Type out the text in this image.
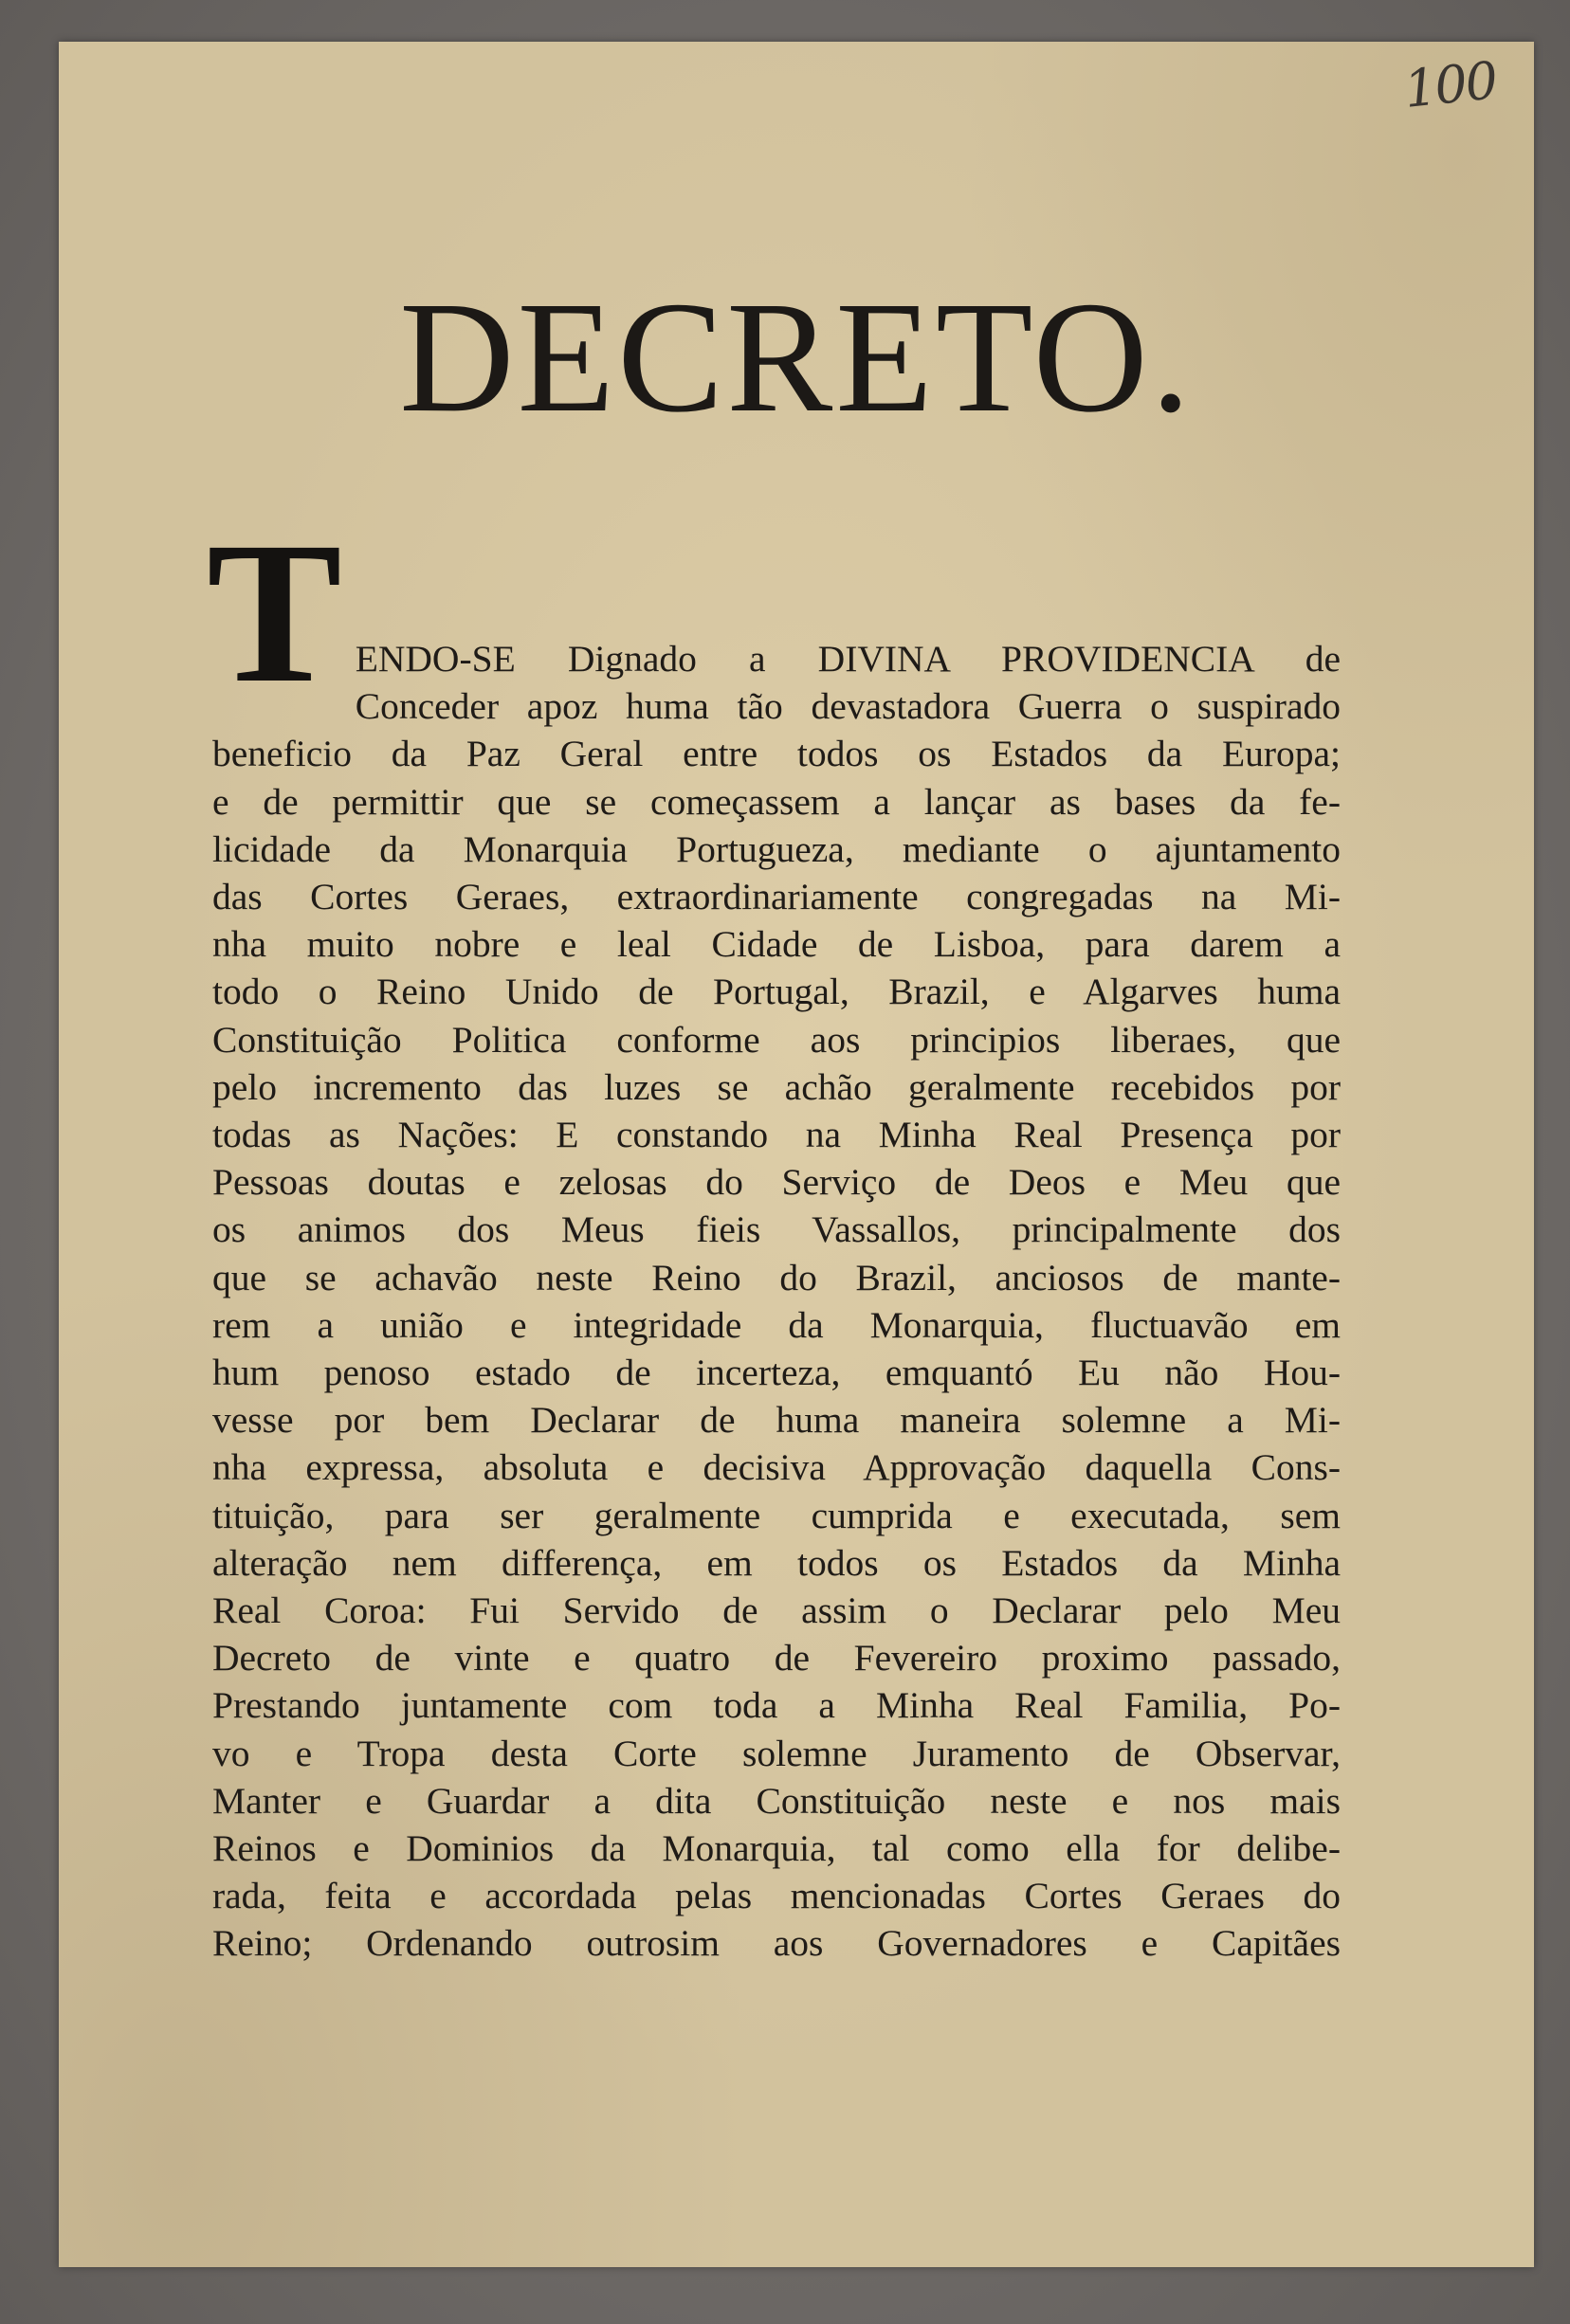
100
DECRETO.
T ENDO-SE Dignado a DIVINA PROVIDENCIA de
Conceder apoz huma tão devastadora Guerra o suspirado
beneficio da Paz Geral entre todos os Estados da Europa;
e de permittir que se começassem a lançar as bases da fe-
licidade da Monarquia Portugueza, mediante o ajuntamento
das Cortes Geraes, extraordinariamente congregadas na Mi-
nha muito nobre e leal Cidade de Lisboa, para darem a
todo o Reino Unido de Portugal, Brazil, e Algarves huma
Constituição Politica conforme aos principios liberaes, que
pelo incremento das luzes se achão geralmente recebidos por
todas as Nações: E constando na Minha Real Presença por
Pessoas doutas e zelosas do Serviço de Deos e Meu que
os animos dos Meus fieis Vassallos, principalmente dos
que se achavão neste Reino do Brazil, anciosos de mante-
rem a união e integridade da Monarquia, fluctuavão em
hum penoso estado de incerteza, emquantó Eu não Hou-
vesse por bem Declarar de huma maneira solemne a Mi-
nha expressa, absoluta e decisiva Approvação daquella Cons-
tituição, para ser geralmente cumprida e executada, sem
alteração nem differença, em todos os Estados da Minha
Real Coroa: Fui Servido de assim o Declarar pelo Meu
Decreto de vinte e quatro de Fevereiro proximo passado,
Prestando juntamente com toda a Minha Real Familia, Po-
vo e Tropa desta Corte solemne Juramento de Observar,
Manter e Guardar a dita Constituição neste e nos mais
Reinos e Dominios da Monarquia, tal como ella for delibe-
rada, feita e accordada pelas mencionadas Cortes Geraes do
Reino; Ordenando outrosim aos Governadores e Capitães
